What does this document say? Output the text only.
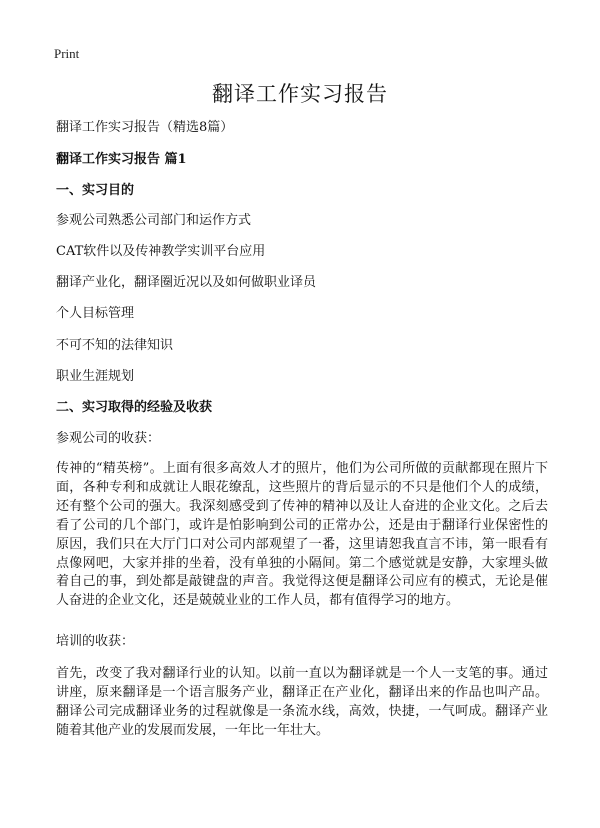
Print
翻译工作实习报告
翻译工作实习报告（精选8篇）
翻译工作实习报告 篇1
一、实习目的
参观公司熟悉公司部门和运作方式
CAT软件以及传神教学实训平台应用
翻译产业化，翻译圈近况以及如何做职业译员
个人目标管理
不可不知的法律知识
职业生涯规划
二、实习取得的经验及收获
参观公司的收获：

传神的“精英榜”。上面有很多高效人才的照片，他们为公司所做的贡献都现在照片下面，各种专利和成就让人眼花缭乱，这些照片的背后显示的不只是他们个人的成绩，还有整个公司的强大。我深刻感受到了传神的精神以及让人奋进的企业文化。之后去看了公司的几个部门，或许是怕影响到公司的正常办公，还是由于翻译行业保密性的原因，我们只在大厅门口对公司内部观望了一番，这里请恕我直言不讳，第一眼看有点像网吧，大家并排的坐着，没有单独的小隔间。第二个感觉就是安静，大家埋头做着自己的事，到处都是敲键盘的声音。我觉得这便是翻译公司应有的模式，无论是催人奋进的企业文化，还是兢兢业业的工作人员，都有值得学习的地方。

培训的收获：

首先，改变了我对翻译行业的认知。以前一直以为翻译就是一个人一支笔的事。通过讲座，原来翻译是一个语言服务产业，翻译正在产业化，翻译出来的作品也叫产品。翻译公司完成翻译业务的过程就像是一条流水线，高效，快捷，一气呵成。翻译产业随着其他产业的发展而发展，一年比一年壮大。
